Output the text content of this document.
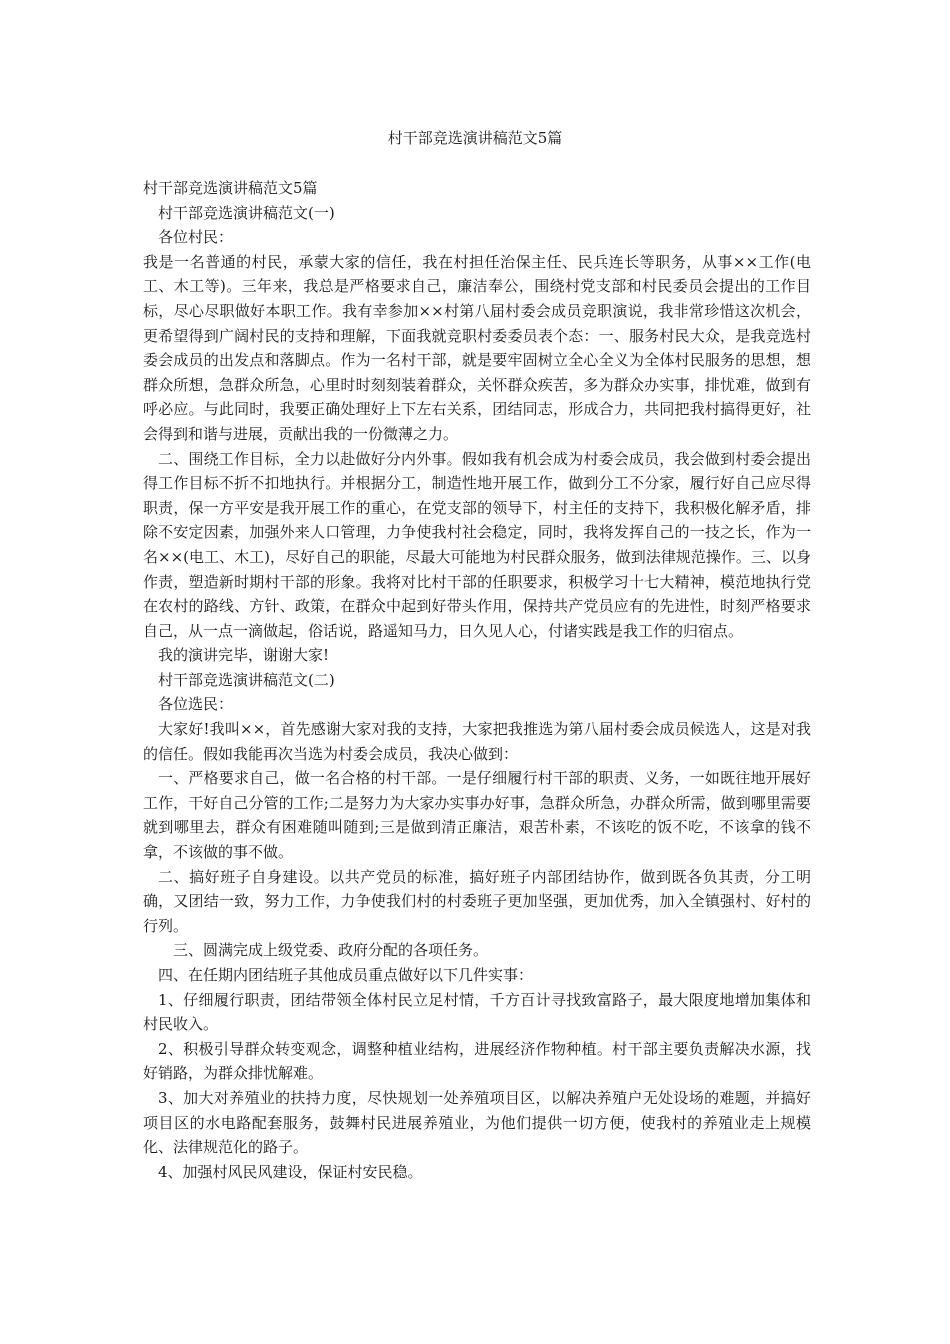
村干部竞选演讲稿范文5篇

村干部竞选演讲稿范文5篇

村干部竞选演讲稿范文(一)

各位村民：

我是一名普通的村民，承蒙大家的信任，我在村担任治保主任、民兵连长等职务，从事××工作(电工、木工等)。三年来，我总是严格要求自己，廉洁奉公，围绕村党支部和村民委员会提出的工作目标，尽心尽职做好本职工作。我有幸参加××村第八届村委会成员竞职演说，我非常珍惜这次机会，更希望得到广阔村民的支持和理解，下面我就竞职村委委员表个态：一、服务村民大众，是我竞选村委会成员的出发点和落脚点。作为一名村干部，就是要牢固树立全心全义为全体村民服务的思想，想群众所想，急群众所急，心里时时刻刻装着群众，关怀群众疾苦，多为群众办实事，排忧难，做到有呼必应。与此同时，我要正确处理好上下左右关系，团结同志，形成合力，共同把我村搞得更好，社会得到和谐与进展，贡献出我的一份微薄之力。

二、围绕工作目标，全力以赴做好分内外事。假如我有机会成为村委会成员，我会做到村委会提出得工作目标不折不扣地执行。并根据分工，制造性地开展工作，做到分工不分家，履行好自己应尽得职责，保一方平安是我开展工作的重心，在党支部的领导下，村主任的支持下，我积极化解矛盾，排除不安定因素，加强外来人口管理，力争使我村社会稳定，同时，我将发挥自己的一技之长，作为一名××(电工、木工)，尽好自己的职能，尽最大可能地为村民群众服务，做到法律规范操作。三、以身作责，塑造新时期村干部的形象。我将对比村干部的任职要求，积极学习十七大精神，模范地执行党在农村的路线、方针、政策，在群众中起到好带头作用，保持共产党员应有的先进性，时刻严格要求自己，从一点一滴做起，俗话说，路遥知马力，日久见人心，付诸实践是我工作的归宿点。

我的演讲完毕，谢谢大家!

村干部竞选演讲稿范文(二)

各位选民：

大家好!我叫××，首先感谢大家对我的支持，大家把我推选为第八届村委会成员候选人，这是对我的信任。假如我能再次当选为村委会成员，我决心做到：

一、严格要求自己，做一名合格的村干部。一是仔细履行村干部的职责、义务，一如既往地开展好工作，干好自己分管的工作;二是努力为大家办实事办好事，急群众所急，办群众所需，做到哪里需要就到哪里去，群众有困难随叫随到;三是做到清正廉洁，艰苦朴素，不该吃的饭不吃，不该拿的钱不拿，不该做的事不做。

二、搞好班子自身建设。以共产党员的标准，搞好班子内部团结协作，做到既各负其责，分工明确，又团结一致，努力工作，力争使我们村的村委班子更加坚强，更加优秀，加入全镇强村、好村的行列。

三、圆满完成上级党委、政府分配的各项任务。

四、在任期内团结班子其他成员重点做好以下几件实事：

1、仔细履行职责，团结带领全体村民立足村情，千方百计寻找致富路子，最大限度地增加集体和村民收入。

2、积极引导群众转变观念，调整种植业结构，进展经济作物种植。村干部主要负责解决水源，找好销路，为群众排忧解难。

3、加大对养殖业的扶持力度，尽快规划一处养殖项目区，以解决养殖户无处设场的难题，并搞好项目区的水电路配套服务，鼓舞村民进展养殖业，为他们提供一切方便，使我村的养殖业走上规模化、法律规范化的路子。

4、加强村风民风建设，保证村安民稳。
